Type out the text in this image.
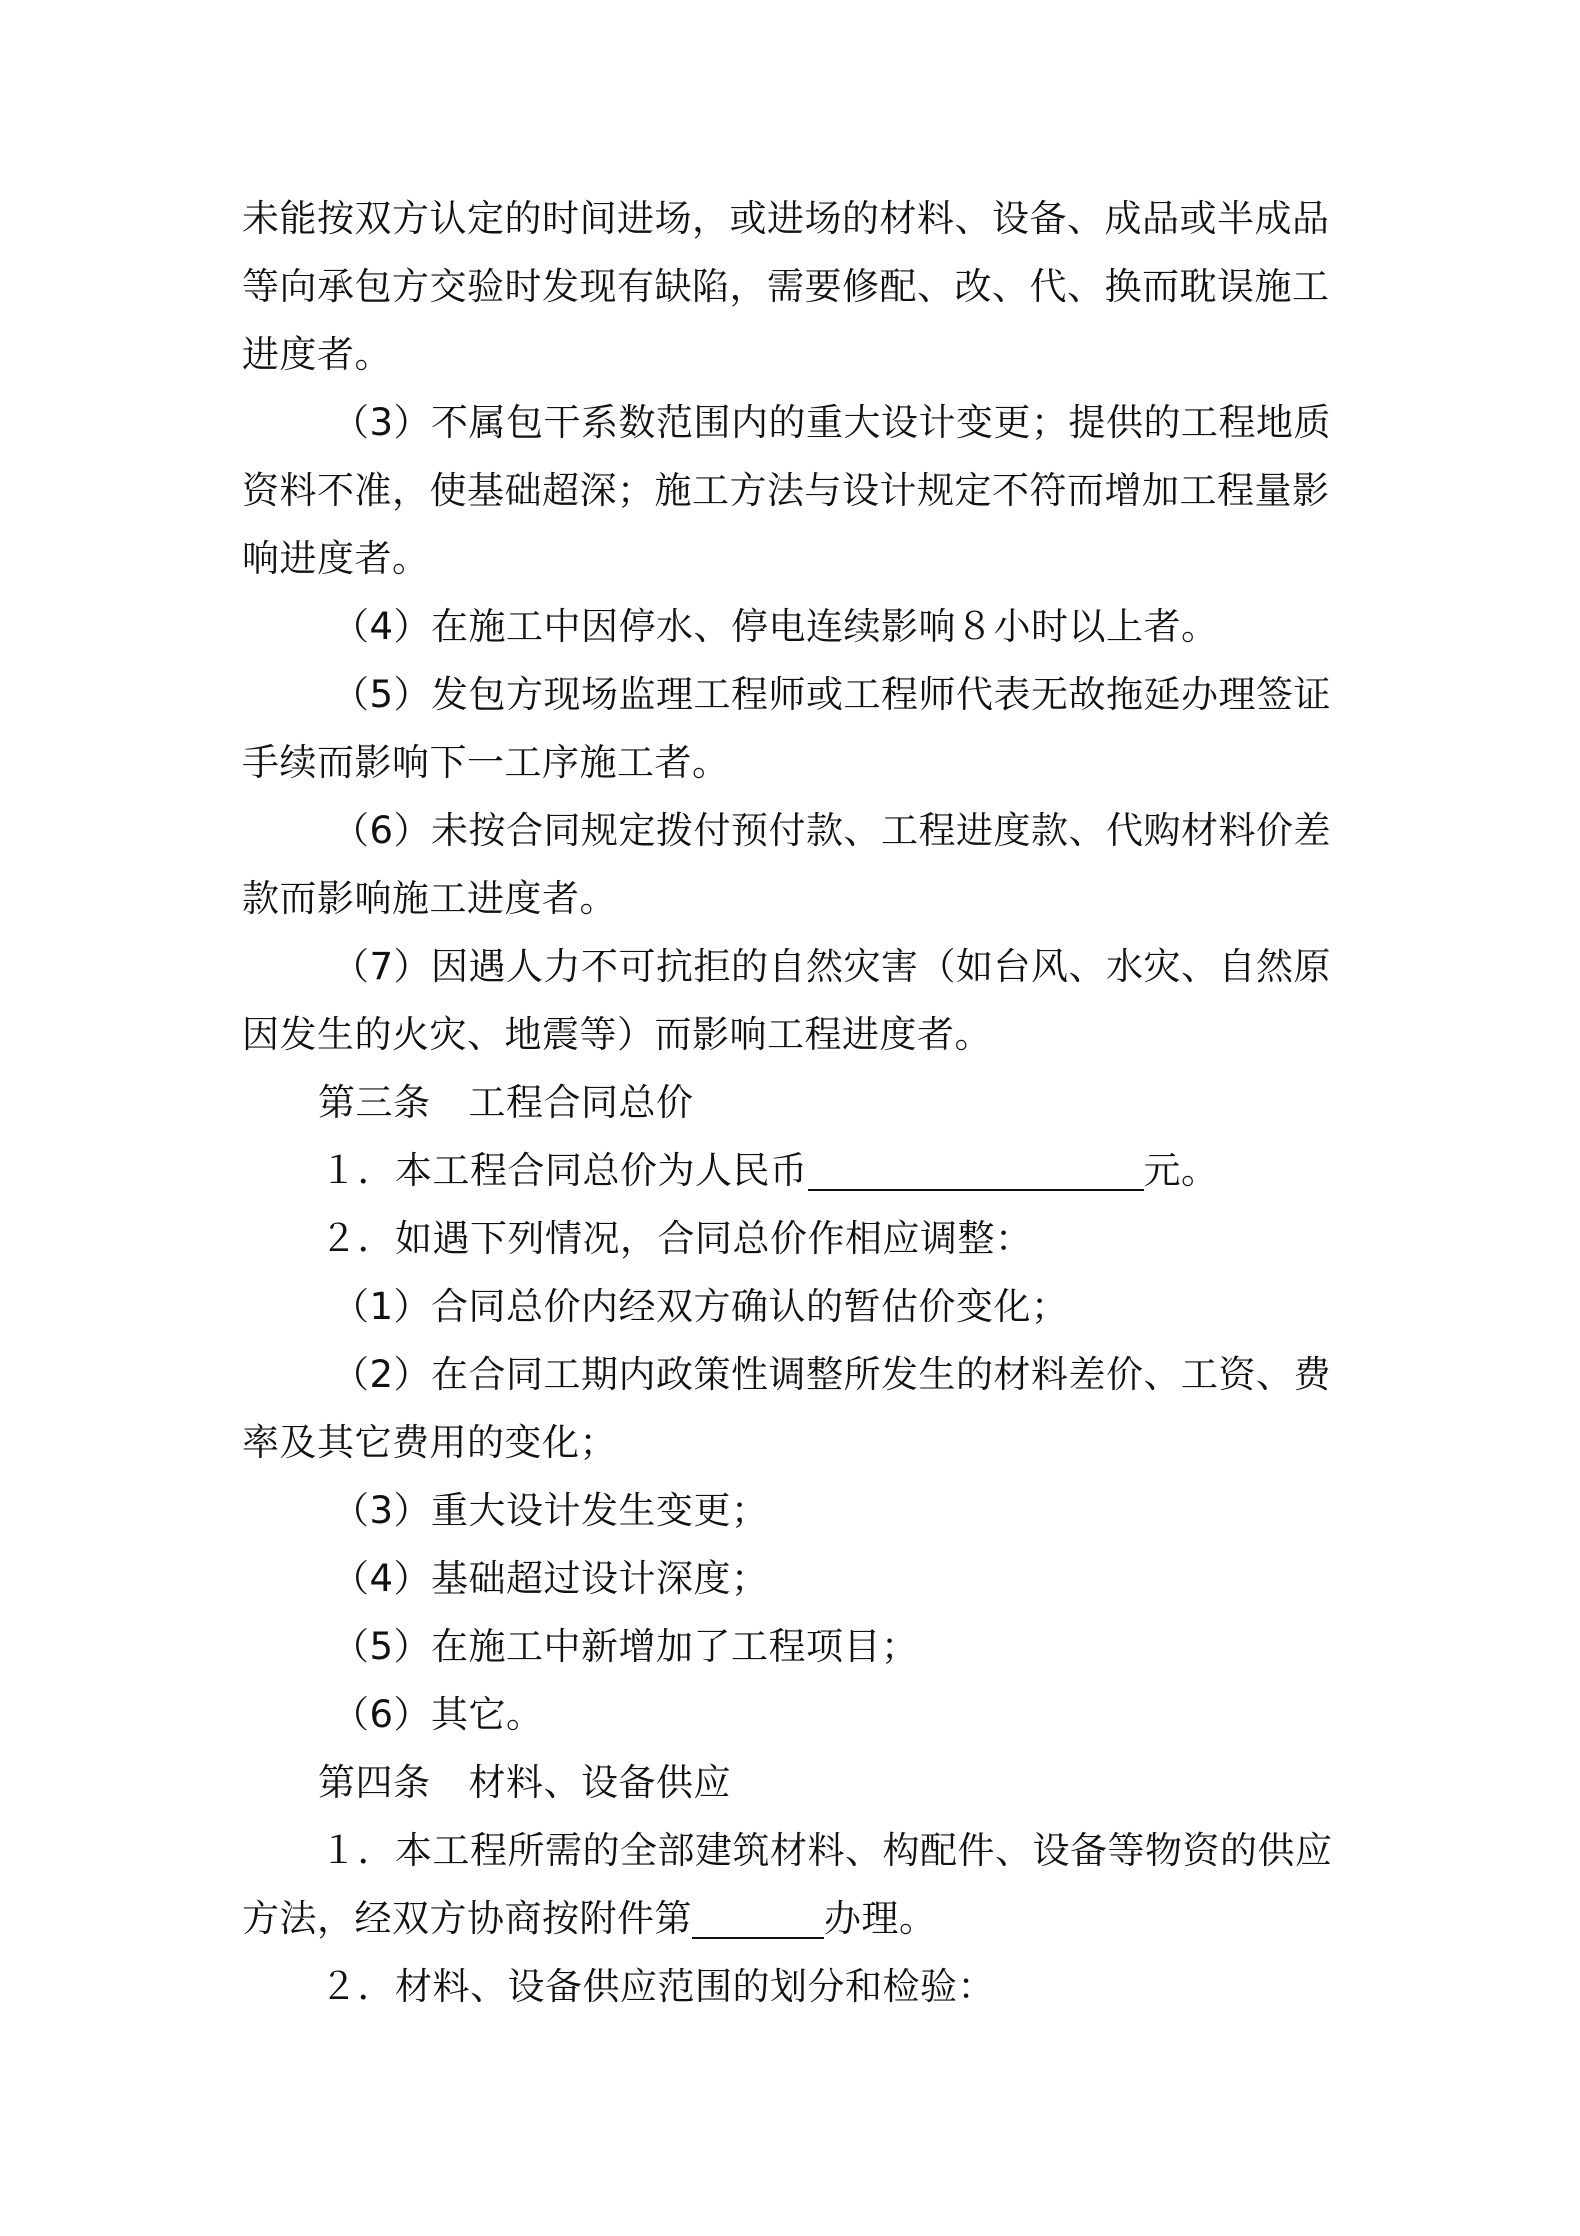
未能按双方认定的时间进场，或进场的材料、设备、成品或半成品
等向承包方交验时发现有缺陷，需要修配、改、代、换而耽误施工
进度者。
（3）不属包干系数范围内的重大设计变更；提供的工程地质
资料不准，使基础超深；施工方法与设计规定不符而增加工程量影
响进度者。
（4）在施工中因停水、停电连续影响８小时以上者。
（5）发包方现场监理工程师或工程师代表无故拖延办理签证
手续而影响下一工序施工者。
（6）未按合同规定拨付预付款、工程进度款、代购材料价差
款而影响施工进度者。
（7）因遇人力不可抗拒的自然灾害（如台风、水灾、自然原
因发生的火灾、地震等）而影响工程进度者。
第三条 工程合同总价
１．本工程合同总价为人民币	元。
２．如遇下列情况，合同总价作相应调整：
（1）合同总价内经双方确认的暂估价变化；
（2）在合同工期内政策性调整所发生的材料差价、工资、费
率及其它费用的变化；
（3）重大设计发生变更；
（4）基础超过设计深度；
（5）在施工中新增加了工程项目；
（6）其它。
第四条 材料、设备供应
１．本工程所需的全部建筑材料、构配件、设备等物资的供应
方法，经双方协商按附件第	办理。
２．材料、设备供应范围的划分和检验：
